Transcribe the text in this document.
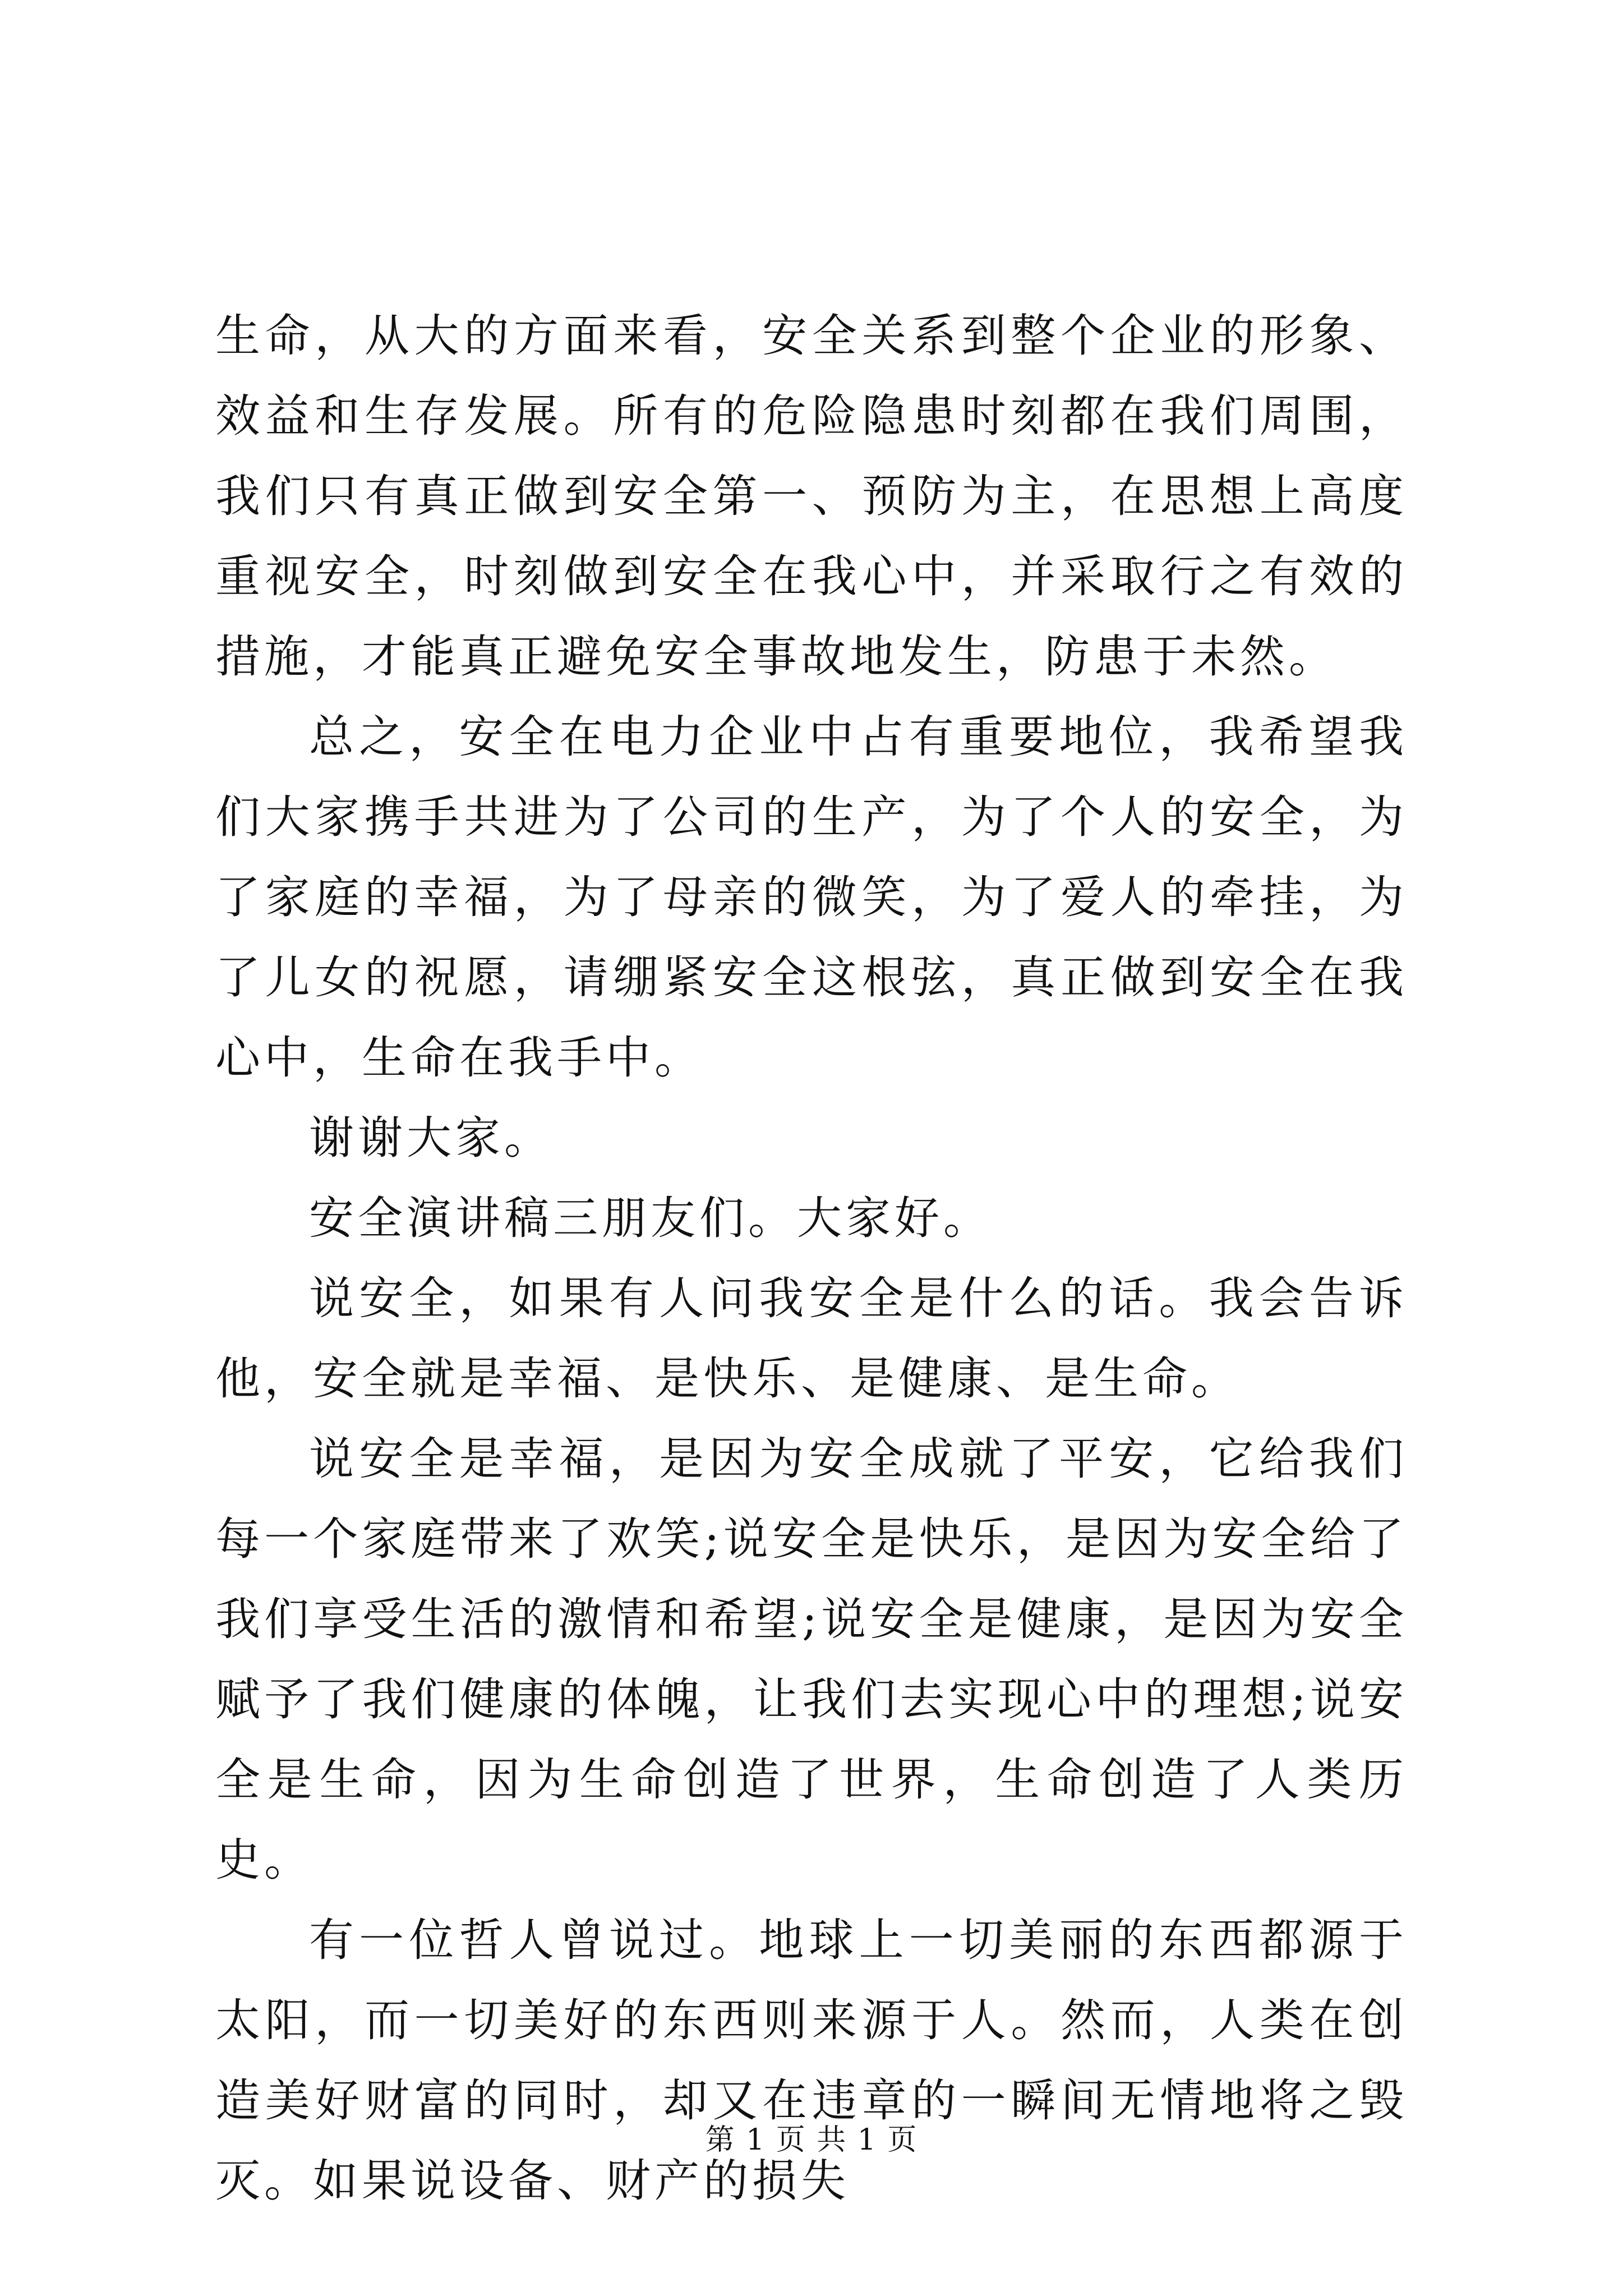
生命，从大的方面来看，安全关系到整个企业的形象、效益和生存发展。所有的危险隐患时刻都在我们周围，我们只有真正做到安全第一、预防为主，在思想上高度重视安全，时刻做到安全在我心中，并采取行之有效的措施，才能真正避免安全事故地发生，防患于未然。

总之，安全在电力企业中占有重要地位，我希望我们大家携手共进为了公司的生产，为了个人的安全，为了家庭的幸福，为了母亲的微笑，为了爱人的牵挂，为了儿女的祝愿，请绷紧安全这根弦，真正做到安全在我心中，生命在我手中。

谢谢大家。

安全演讲稿三朋友们。大家好。

说安全，如果有人问我安全是什么的话。我会告诉他，安全就是幸福、是快乐、是健康、是生命。

说安全是幸福，是因为安全成就了平安，它给我们每一个家庭带来了欢笑;说安全是快乐，是因为安全给了我们享受生活的激情和希望;说安全是健康，是因为安全赋予了我们健康的体魄，让我们去实现心中的理想;说安全是生命，因为生命创造了世界，生命创造了人类历史。

有一位哲人曾说过。地球上一切美丽的东西都源于太阳，而一切美好的东西则来源于人。然而，人类在创造美好财富的同时，却又在违章的一瞬间无情地将之毁灭。如果说设备、财产的损失

第 1 页 共 1 页
